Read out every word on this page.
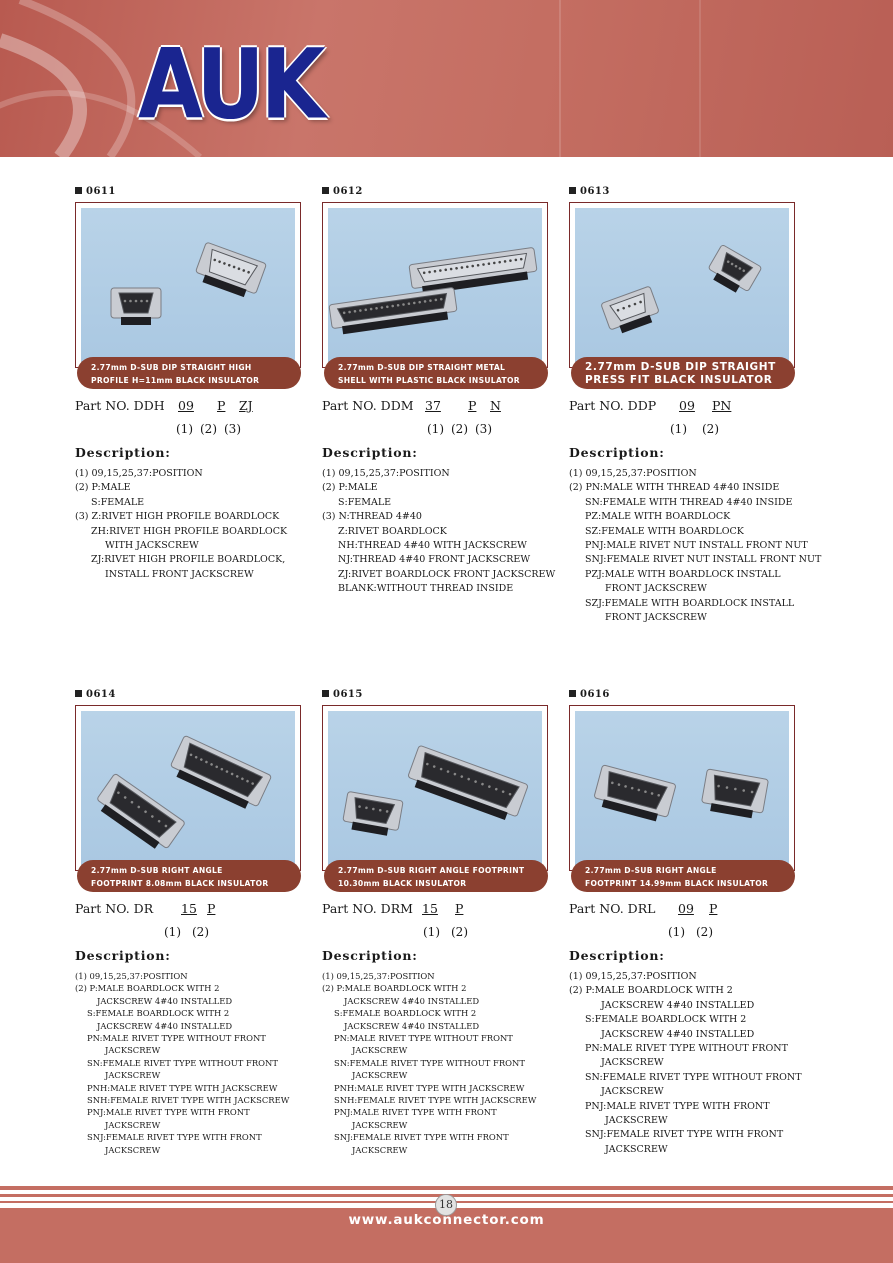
AUK
0611
2.77mm D-SUB DIP STRAIGHT HIGH
PROFILE H=11mm BLACK INSULATOR
Part NO. DDH 09 P ZJ
(1) (2) (3)
Description:
(1) 09,15,25,37:POSITION
(2) P:MALE
S:FEMALE
(3) Z:RIVET HIGH PROFILE BOARDLOCK
ZH:RIVET HIGH PROFILE BOARDLOCK
WITH JACKSCREW
ZJ:RIVET HIGH PROFILE BOARDLOCK,
INSTALL FRONT JACKSCREW
0612
2.77mm D-SUB DIP STRAIGHT METAL
SHELL WITH PLASTIC BLACK INSULATOR
Part NO. DDM 37 P N
(1) (2) (3)
Description:
(1) 09,15,25,37:POSITION
(2) P:MALE
S:FEMALE
(3) N:THREAD 4#40
Z:RIVET BOARDLOCK
NH:THREAD 4#40 WITH JACKSCREW
NJ:THREAD 4#40 FRONT JACKSCREW
ZJ:RIVET BOARDLOCK FRONT JACKSCREW
BLANK:WITHOUT THREAD INSIDE
0613
2.77mm D-SUB DIP STRAIGHT
PRESS FIT BLACK INSULATOR
Part NO. DDP 09 PN
(1) (2)
Description:
(1) 09,15,25,37:POSITION
(2) PN:MALE WITH THREAD 4#40 INSIDE
SN:FEMALE WITH THREAD 4#40 INSIDE
PZ:MALE WITH BOARDLOCK
SZ:FEMALE WITH BOARDLOCK
PNJ:MALE RIVET NUT INSTALL FRONT NUT
SNJ:FEMALE RIVET NUT INSTALL FRONT NUT
PZJ:MALE WITH BOARDLOCK INSTALL
FRONT JACKSCREW
SZJ:FEMALE WITH BOARDLOCK INSTALL
FRONT JACKSCREW
0614
2.77mm D-SUB RIGHT ANGLE
FOOTPRINT 8.08mm BLACK INSULATOR
Part NO. DR 15 P
(1) (2)
Description:
(1) 09,15,25,37:POSITION
(2) P:MALE BOARDLOCK WITH 2
JACKSCREW 4#40 INSTALLED
S:FEMALE BOARDLOCK WITH 2
JACKSCREW 4#40 INSTALLED
PN:MALE RIVET TYPE WITHOUT FRONT
JACKSCREW
SN:FEMALE RIVET TYPE WITHOUT FRONT
JACKSCREW
PNH:MALE RIVET TYPE WITH JACKSCREW
SNH:FEMALE RIVET TYPE WITH JACKSCREW
PNJ:MALE RIVET TYPE WITH FRONT
JACKSCREW
SNJ:FEMALE RIVET TYPE WITH FRONT
JACKSCREW
0615
2.77mm D-SUB RIGHT ANGLE FOOTPRINT
10.30mm BLACK INSULATOR
Part NO. DRM 15 P
(1) (2)
Description:
(1) 09,15,25,37:POSITION
(2) P:MALE BOARDLOCK WITH 2
JACKSCREW 4#40 INSTALLED
S:FEMALE BOARDLOCK WITH 2
JACKSCREW 4#40 INSTALLED
PN:MALE RIVET TYPE WITHOUT FRONT
JACKSCREW
SN:FEMALE RIVET TYPE WITHOUT FRONT
JACKSCREW
PNH:MALE RIVET TYPE WITH JACKSCREW
SNH:FEMALE RIVET TYPE WITH JACKSCREW
PNJ:MALE RIVET TYPE WITH FRONT
JACKSCREW
SNJ:FEMALE RIVET TYPE WITH FRONT
JACKSCREW
0616
2.77mm D-SUB RIGHT ANGLE
FOOTPRINT 14.99mm BLACK INSULATOR
Part NO. DRL 09 P
(1) (2)
Description:
(1) 09,15,25,37:POSITION
(2) P:MALE BOARDLOCK WITH 2
JACKSCREW 4#40 INSTALLED
S:FEMALE BOARDLOCK WITH 2
JACKSCREW 4#40 INSTALLED
PN:MALE RIVET TYPE WITHOUT FRONT
JACKSCREW
SN:FEMALE RIVET TYPE WITHOUT FRONT
JACKSCREW
PNJ:MALE RIVET TYPE WITH FRONT
JACKSCREW
SNJ:FEMALE RIVET TYPE WITH FRONT
JACKSCREW
18
www.aukconnector.com
